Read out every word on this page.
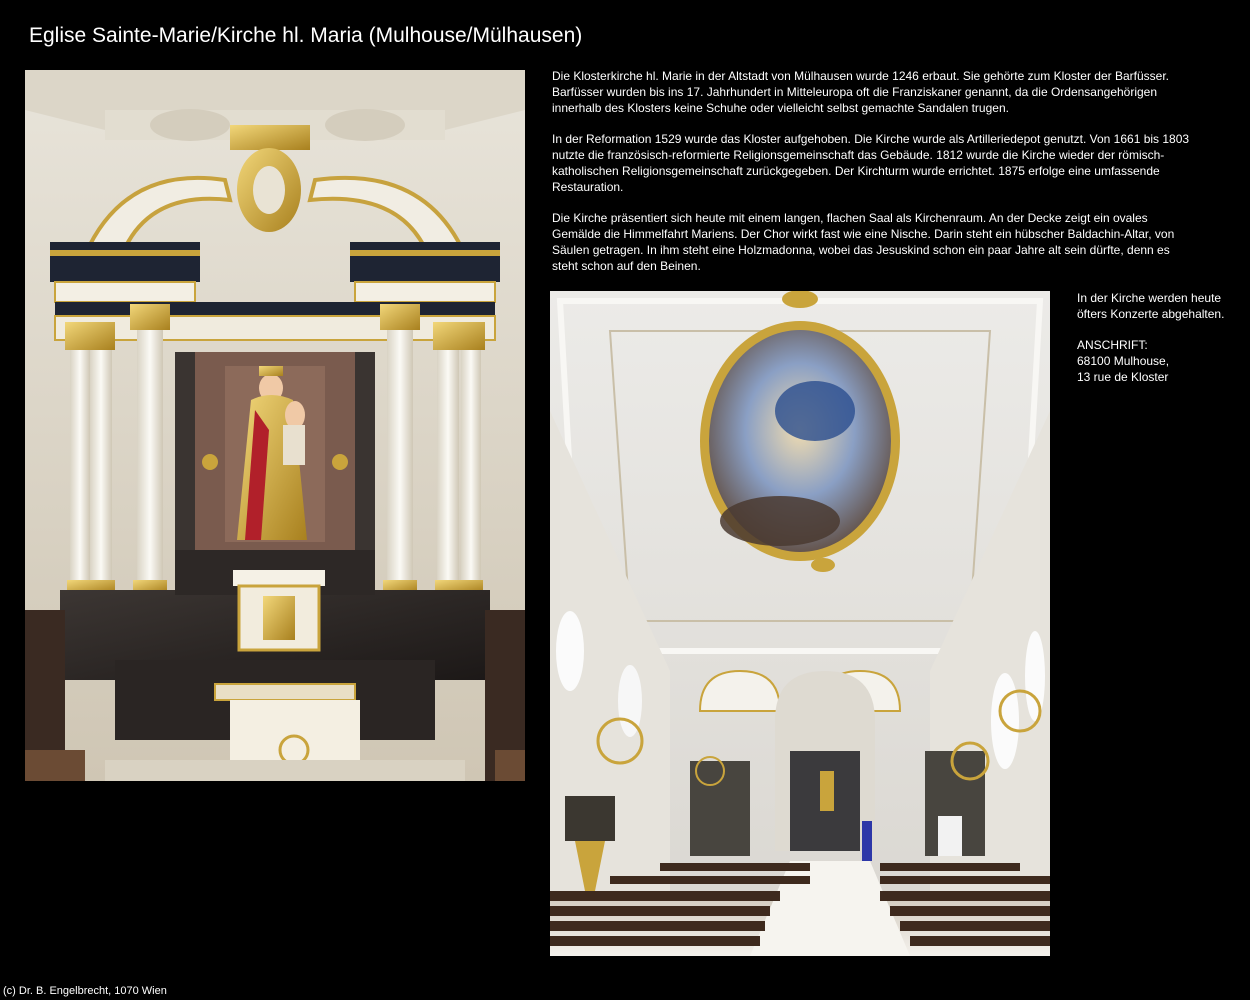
Eglise Sainte-Marie/Kirche hl. Maria (Mulhouse/Mülhausen)

Die Klosterkirche hl. Marie in der Altstadt von Mülhausen wurde 1246 erbaut. Sie gehörte zum Kloster der Barfüsser. Barfüsser wurden bis ins 17. Jahrhundert in Mitteleuropa oft die Franziskaner genannt, da die Ordensangehörigen innerhalb des Klosters keine Schuhe oder vielleicht selbst gemachte Sandalen trugen.

In der Reformation 1529 wurde das Kloster aufgehoben. Die Kirche wurde als Artilleriedepot genutzt. Von 1661 bis 1803 nutzte die französisch-reformierte Religionsgemeinschaft das Gebäude. 1812 wurde die Kirche wieder der römisch-katholischen Religionsgemeinschaft zurückgegeben. Der Kirchturm wurde errichtet. 1875 erfolge eine umfassende Restauration.

Die Kirche präsentiert sich heute mit einem langen, flachen Saal als Kirchenraum. An der Decke zeigt ein ovales Gemälde die Himmelfahrt Mariens. Der Chor wirkt fast wie eine Nische. Darin steht ein hübscher Baldachin-Altar, von Säulen getragen. In ihm steht eine Holzmadonna, wobei das Jesuskind schon ein paar Jahre alt sein dürfte, denn es steht schon auf den Beinen.

In der Kirche werden heute öfters Konzerte abgehalten.

ANSCHRIFT:
68100 Mulhouse,
13 rue de Kloster

(c) Dr. B. Engelbrecht, 1070 Wien
